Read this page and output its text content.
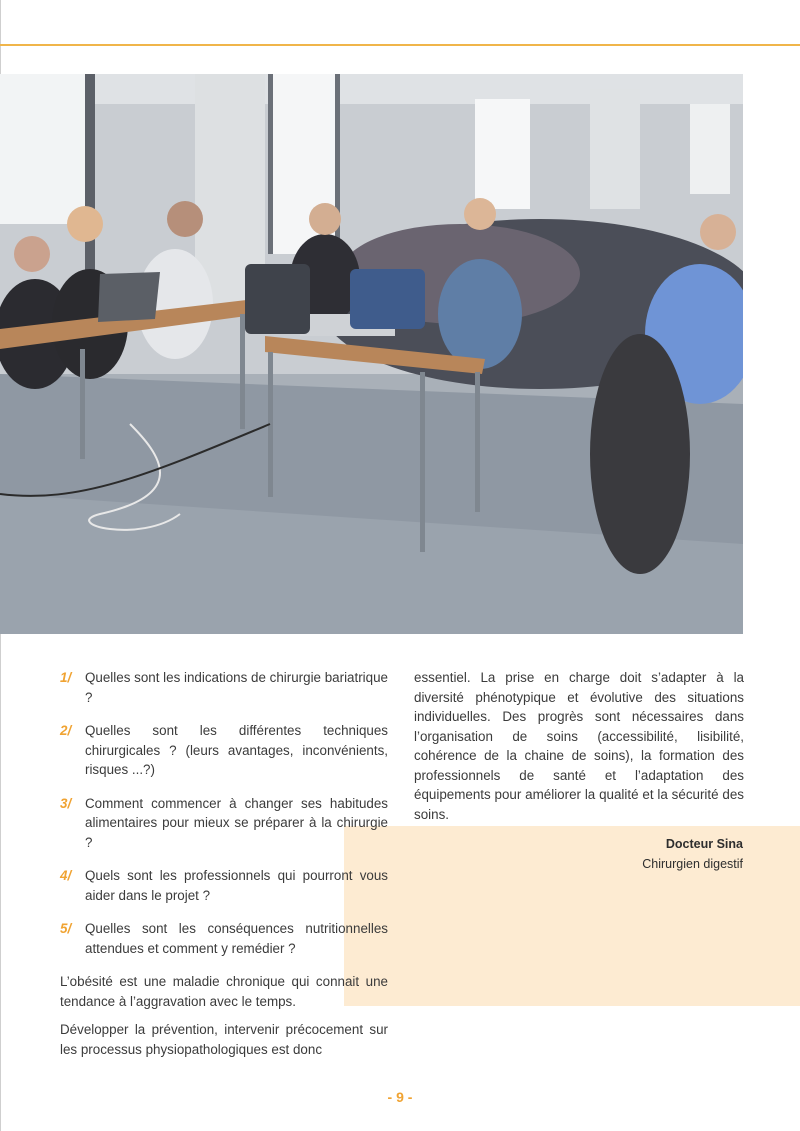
1/	Quelles sont les indications de chirurgie bariatrique ?
2/	Quelles sont les différentes techniques chirurgicales ? (leurs avantages, inconvénients, risques ...?)
3/	Comment commencer à changer ses habitudes alimentaires pour mieux se préparer à la chirurgie ?
4/	Quels sont les professionnels qui pourront vous aider dans le projet ?
5/	Quelles sont les conséquences nutritionnelles attendues et comment y remédier ?

L’obésité est une maladie chronique qui connait une tendance à l’aggravation avec le temps.

Développer la prévention, intervenir précocement sur les processus physiopathologiques est donc

essentiel. La prise en charge doit s’adapter à la diversité phénotypique et évolutive des situations individuelles. Des progrès sont nécessaires dans l’organisation de soins (accessibilité, lisibilité, cohérence de la chaine de soins), la formation des professionnels de santé et l’adaptation des équipements pour améliorer la qualité et la sécurité des soins.

Docteur Sina
Chirurgien digestif
- 9 -
